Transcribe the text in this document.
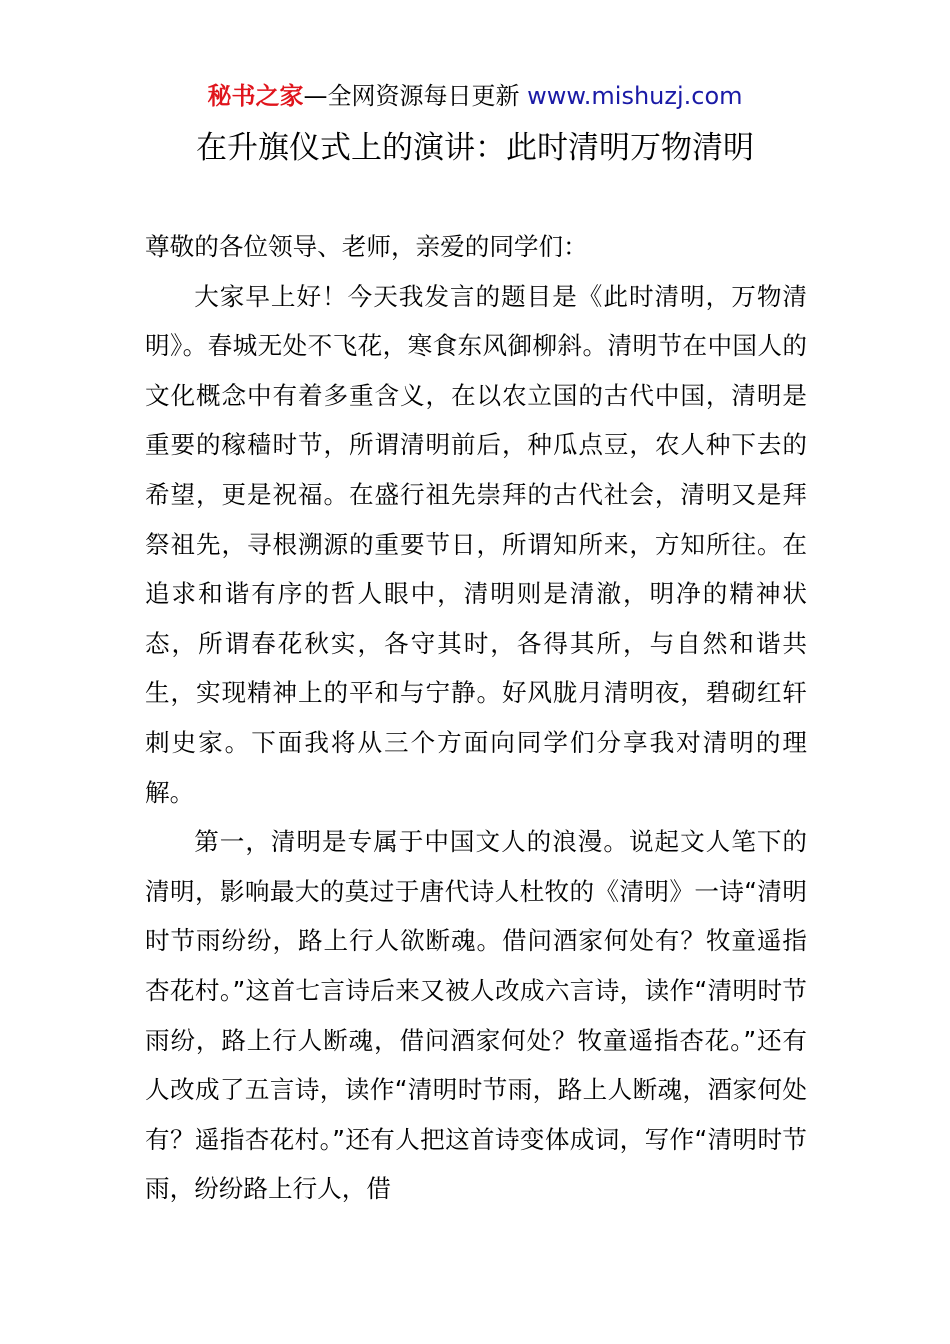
秘书之家—全网资源每日更新 www.mishuzj.com
在升旗仪式上的演讲：此时清明万物清明

尊敬的各位领导、老师，亲爱的同学们：

大家早上好！今天我发言的题目是《此时清明，万物清明》。春城无处不飞花，寒食东风御柳斜。清明节在中国人的文化概念中有着多重含义，在以农立国的古代中国，清明是重要的稼穑时节，所谓清明前后，种瓜点豆，农人种下去的希望，更是祝福。在盛行祖先崇拜的古代社会，清明又是拜祭祖先，寻根溯源的重要节日，所谓知所来，方知所往。在追求和谐有序的哲人眼中，清明则是清澈，明净的精神状态，所谓春花秋实，各守其时，各得其所，与自然和谐共生，实现精神上的平和与宁静。好风胧月清明夜，碧砌红轩刺史家。下面我将从三个方面向同学们分享我对清明的理解。

第一，清明是专属于中国文人的浪漫。说起文人笔下的清明，影响最大的莫过于唐代诗人杜牧的《清明》一诗“清明时节雨纷纷，路上行人欲断魂。借问酒家何处有？牧童遥指杏花村。”这首七言诗后来又被人改成六言诗，读作“清明时节雨纷，路上行人断魂，借问酒家何处？牧童遥指杏花。”还有人改成了五言诗，读作“清明时节雨，路上人断魂，酒家何处有？遥指杏花村。”还有人把这首诗变体成词，写作“清明时节雨，纷纷路上行人，借
